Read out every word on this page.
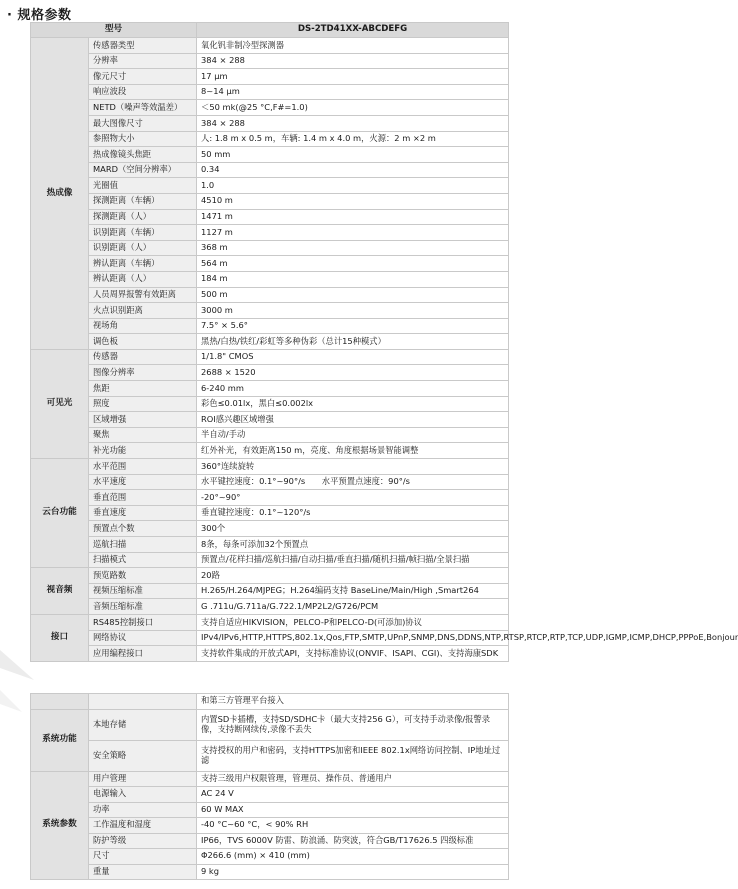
· 规格参数
型号		DS-2TD41XX-ABCDEFG
热成像	传感器类型	氧化钒非制冷型探测器
	分辨率	384 × 288
	像元尺寸	17 μm
	响应波段	8~14 μm
	NETD（噪声等效温差）	＜50 mk(@25 °C,F#=1.0)
	最大图像尺寸	384 × 288
	参照物大小	人: 1.8 m x 0.5 m，车辆: 1.4 m x 4.0 m，火源：2 m ×2 m
	热成像镜头焦距	50 mm
	MARD（空间分辨率）	0.34
	光圈值	1.0
	探测距离（车辆）	4510 m
	探测距离（人）	1471 m
	识别距离（车辆）	1127 m
	识别距离（人）	368 m
	辨认距离（车辆）	564 m
	辨认距离（人）	184 m
	人员周界报警有效距离	500 m
	火点识别距离	3000 m
	视场角	7.5° × 5.6°
	调色板	黑热/白热/铁红/彩虹等多种伪彩（总计15种模式）
可见光	传感器	1/1.8" CMOS
	图像分辨率	2688 × 1520
	焦距	6-240 mm
	照度	彩色≤0.01lx，黑白≤0.002lx
	区域增强	ROI感兴趣区域增强
	聚焦	半自动/手动
	补光功能	红外补光，有效距离150 m，亮度、角度根据场景智能调整
云台功能	水平范围	360°连续旋转
	水平速度	水平键控速度：0.1°~90°/s　　水平预置点速度：90°/s
	垂直范围	-20°~90°
	垂直速度	垂直键控速度：0.1°~120°/s
	预置点个数	300个
	巡航扫描	8条，每条可添加32个预置点
	扫描模式	预置点/花样扫描/巡航扫描/自动扫描/垂直扫描/随机扫描/帧扫描/全景扫描
视音频	预览路数	20路
	视频压缩标准	H.265/H.264/MJPEG；H.264编码支持 BaseLine/Main/High ,Smart264
	音频压缩标准	G .711u/G.711a/G.722.1/MP2L2/G726/PCM
接口	RS485控制接口	支持自适应HIKVISION，PELCO-P和PELCO-D(可添加)协议
	网络协议	IPv4/IPv6,HTTP,HTTPS,802.1x,Qos,FTP,SMTP,UPnP,SNMP,DNS,DDNS,NTP,RTSP,RTCP,RTP,TCP,UDP,IGMP,ICMP,DHCP,PPPoE,Bonjour
	应用编程接口	支持软件集成的开放式API，支持标准协议(ONVIF、ISAPI、CGI)、支持海康SDK
		和第三方管理平台接入
系统功能	本地存储	内置SD卡插槽，支持SD/SDHC卡（最大支持256 G），可支持手动录像/报警录像，支持断网续传,录像不丢失
	安全策略	支持授权的用户和密码，支持HTTPS加密和IEEE 802.1x网络访问控制、IP地址过滤
系统参数	用户管理	支持三级用户权限管理，管理员、操作员、普通用户
	电源输入	AC 24 V
	功率	60 W MAX
	工作温度和湿度	-40 °C~60 °C，< 90% RH
	防护等级	IP66，TVS 6000V 防雷、防浪涌、防突波，符合GB/T17626.5 四级标准
	尺寸	Φ266.6 (mm) × 410 (mm)
	重量	9 kg
